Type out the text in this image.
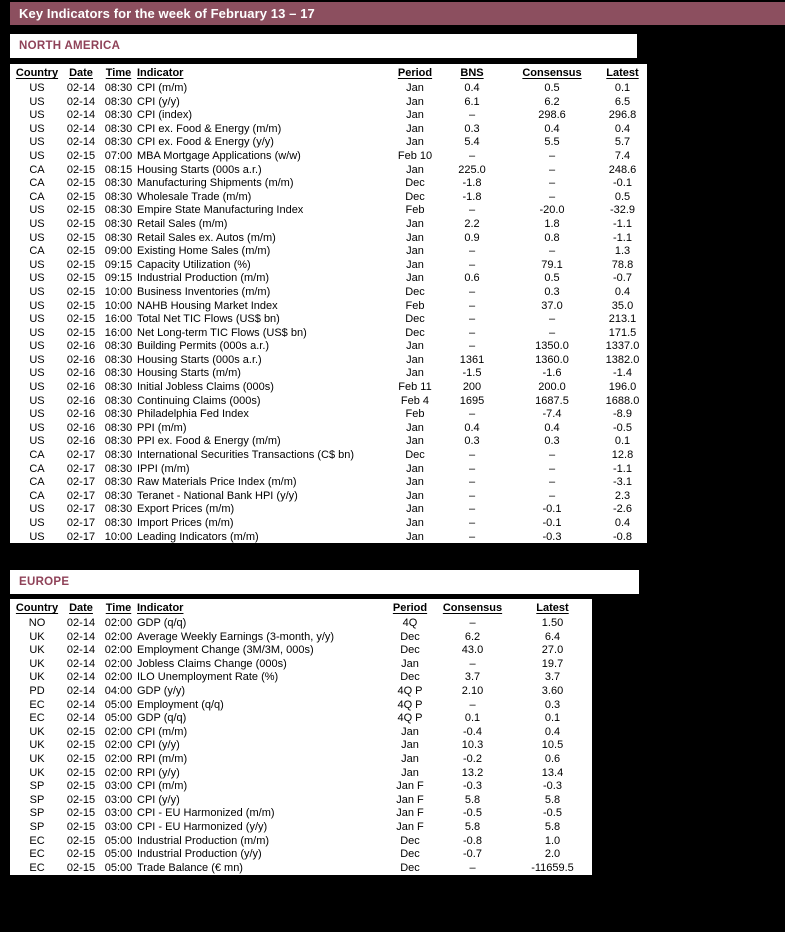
Key Indicators for the week of February 13 – 17
NORTH AMERICA
Country	Date	Time	Indicator	Period	BNS	Consensus	Latest
US	02-14	08:30	CPI (m/m)	Jan	0.4	0.5	0.1
US	02-14	08:30	CPI (y/y)	Jan	6.1	6.2	6.5
US	02-14	08:30	CPI (index)	Jan	–	298.6	296.8
US	02-14	08:30	CPI ex. Food & Energy (m/m)	Jan	0.3	0.4	0.4
US	02-14	08:30	CPI ex. Food & Energy (y/y)	Jan	5.4	5.5	5.7
US	02-15	07:00	MBA Mortgage Applications (w/w)	Feb 10	–	–	7.4
CA	02-15	08:15	Housing Starts (000s a.r.)	Jan	225.0	–	248.6
CA	02-15	08:30	Manufacturing Shipments (m/m)	Dec	-1.8	–	-0.1
CA	02-15	08:30	Wholesale Trade (m/m)	Dec	-1.8	–	0.5
US	02-15	08:30	Empire State Manufacturing Index	Feb	–	-20.0	-32.9
US	02-15	08:30	Retail Sales (m/m)	Jan	2.2	1.8	-1.1
US	02-15	08:30	Retail Sales ex. Autos (m/m)	Jan	0.9	0.8	-1.1
CA	02-15	09:00	Existing Home Sales (m/m)	Jan	–	–	1.3
US	02-15	09:15	Capacity Utilization (%)	Jan	–	79.1	78.8
US	02-15	09:15	Industrial Production (m/m)	Jan	0.6	0.5	-0.7
US	02-15	10:00	Business Inventories (m/m)	Dec	–	0.3	0.4
US	02-15	10:00	NAHB Housing Market Index	Feb	–	37.0	35.0
US	02-15	16:00	Total Net TIC Flows (US$ bn)	Dec	–	–	213.1
US	02-15	16:00	Net Long-term TIC Flows (US$ bn)	Dec	–	–	171.5
US	02-16	08:30	Building Permits (000s a.r.)	Jan	–	1350.0	1337.0
US	02-16	08:30	Housing Starts (000s a.r.)	Jan	1361	1360.0	1382.0
US	02-16	08:30	Housing Starts (m/m)	Jan	-1.5	-1.6	-1.4
US	02-16	08:30	Initial Jobless Claims (000s)	Feb 11	200	200.0	196.0
US	02-16	08:30	Continuing Claims (000s)	Feb 4	1695	1687.5	1688.0
US	02-16	08:30	Philadelphia Fed Index	Feb	–	-7.4	-8.9
US	02-16	08:30	PPI (m/m)	Jan	0.4	0.4	-0.5
US	02-16	08:30	PPI ex. Food & Energy (m/m)	Jan	0.3	0.3	0.1
CA	02-17	08:30	International Securities Transactions (C$ bn)	Dec	–	–	12.8
CA	02-17	08:30	IPPI (m/m)	Jan	–	–	-1.1
CA	02-17	08:30	Raw Materials Price Index (m/m)	Jan	–	–	-3.1
CA	02-17	08:30	Teranet - National Bank HPI (y/y)	Jan	–	–	2.3
US	02-17	08:30	Export Prices (m/m)	Jan	–	-0.1	-2.6
US	02-17	08:30	Import Prices (m/m)	Jan	–	-0.1	0.4
US	02-17	10:00	Leading Indicators (m/m)	Jan	–	-0.3	-0.8
EUROPE
Country	Date	Time	Indicator	Period	Consensus	Latest
NO	02-14	02:00	GDP (q/q)	4Q	–	1.50
UK	02-14	02:00	Average Weekly Earnings (3-month, y/y)	Dec	6.2	6.4
UK	02-14	02:00	Employment Change (3M/3M, 000s)	Dec	43.0	27.0
UK	02-14	02:00	Jobless Claims Change (000s)	Jan	–	19.7
UK	02-14	02:00	ILO Unemployment Rate (%)	Dec	3.7	3.7
PD	02-14	04:00	GDP (y/y)	4Q P	2.10	3.60
EC	02-14	05:00	Employment (q/q)	4Q P	–	0.3
EC	02-14	05:00	GDP (q/q)	4Q P	0.1	0.1
UK	02-15	02:00	CPI (m/m)	Jan	-0.4	0.4
UK	02-15	02:00	CPI (y/y)	Jan	10.3	10.5
UK	02-15	02:00	RPI (m/m)	Jan	-0.2	0.6
UK	02-15	02:00	RPI (y/y)	Jan	13.2	13.4
SP	02-15	03:00	CPI (m/m)	Jan F	-0.3	-0.3
SP	02-15	03:00	CPI (y/y)	Jan F	5.8	5.8
SP	02-15	03:00	CPI - EU Harmonized (m/m)	Jan F	-0.5	-0.5
SP	02-15	03:00	CPI - EU Harmonized (y/y)	Jan F	5.8	5.8
EC	02-15	05:00	Industrial Production (m/m)	Dec	-0.8	1.0
EC	02-15	05:00	Industrial Production (y/y)	Dec	-0.7	2.0
EC	02-15	05:00	Trade Balance (€ mn)	Dec	–	-11659.5
